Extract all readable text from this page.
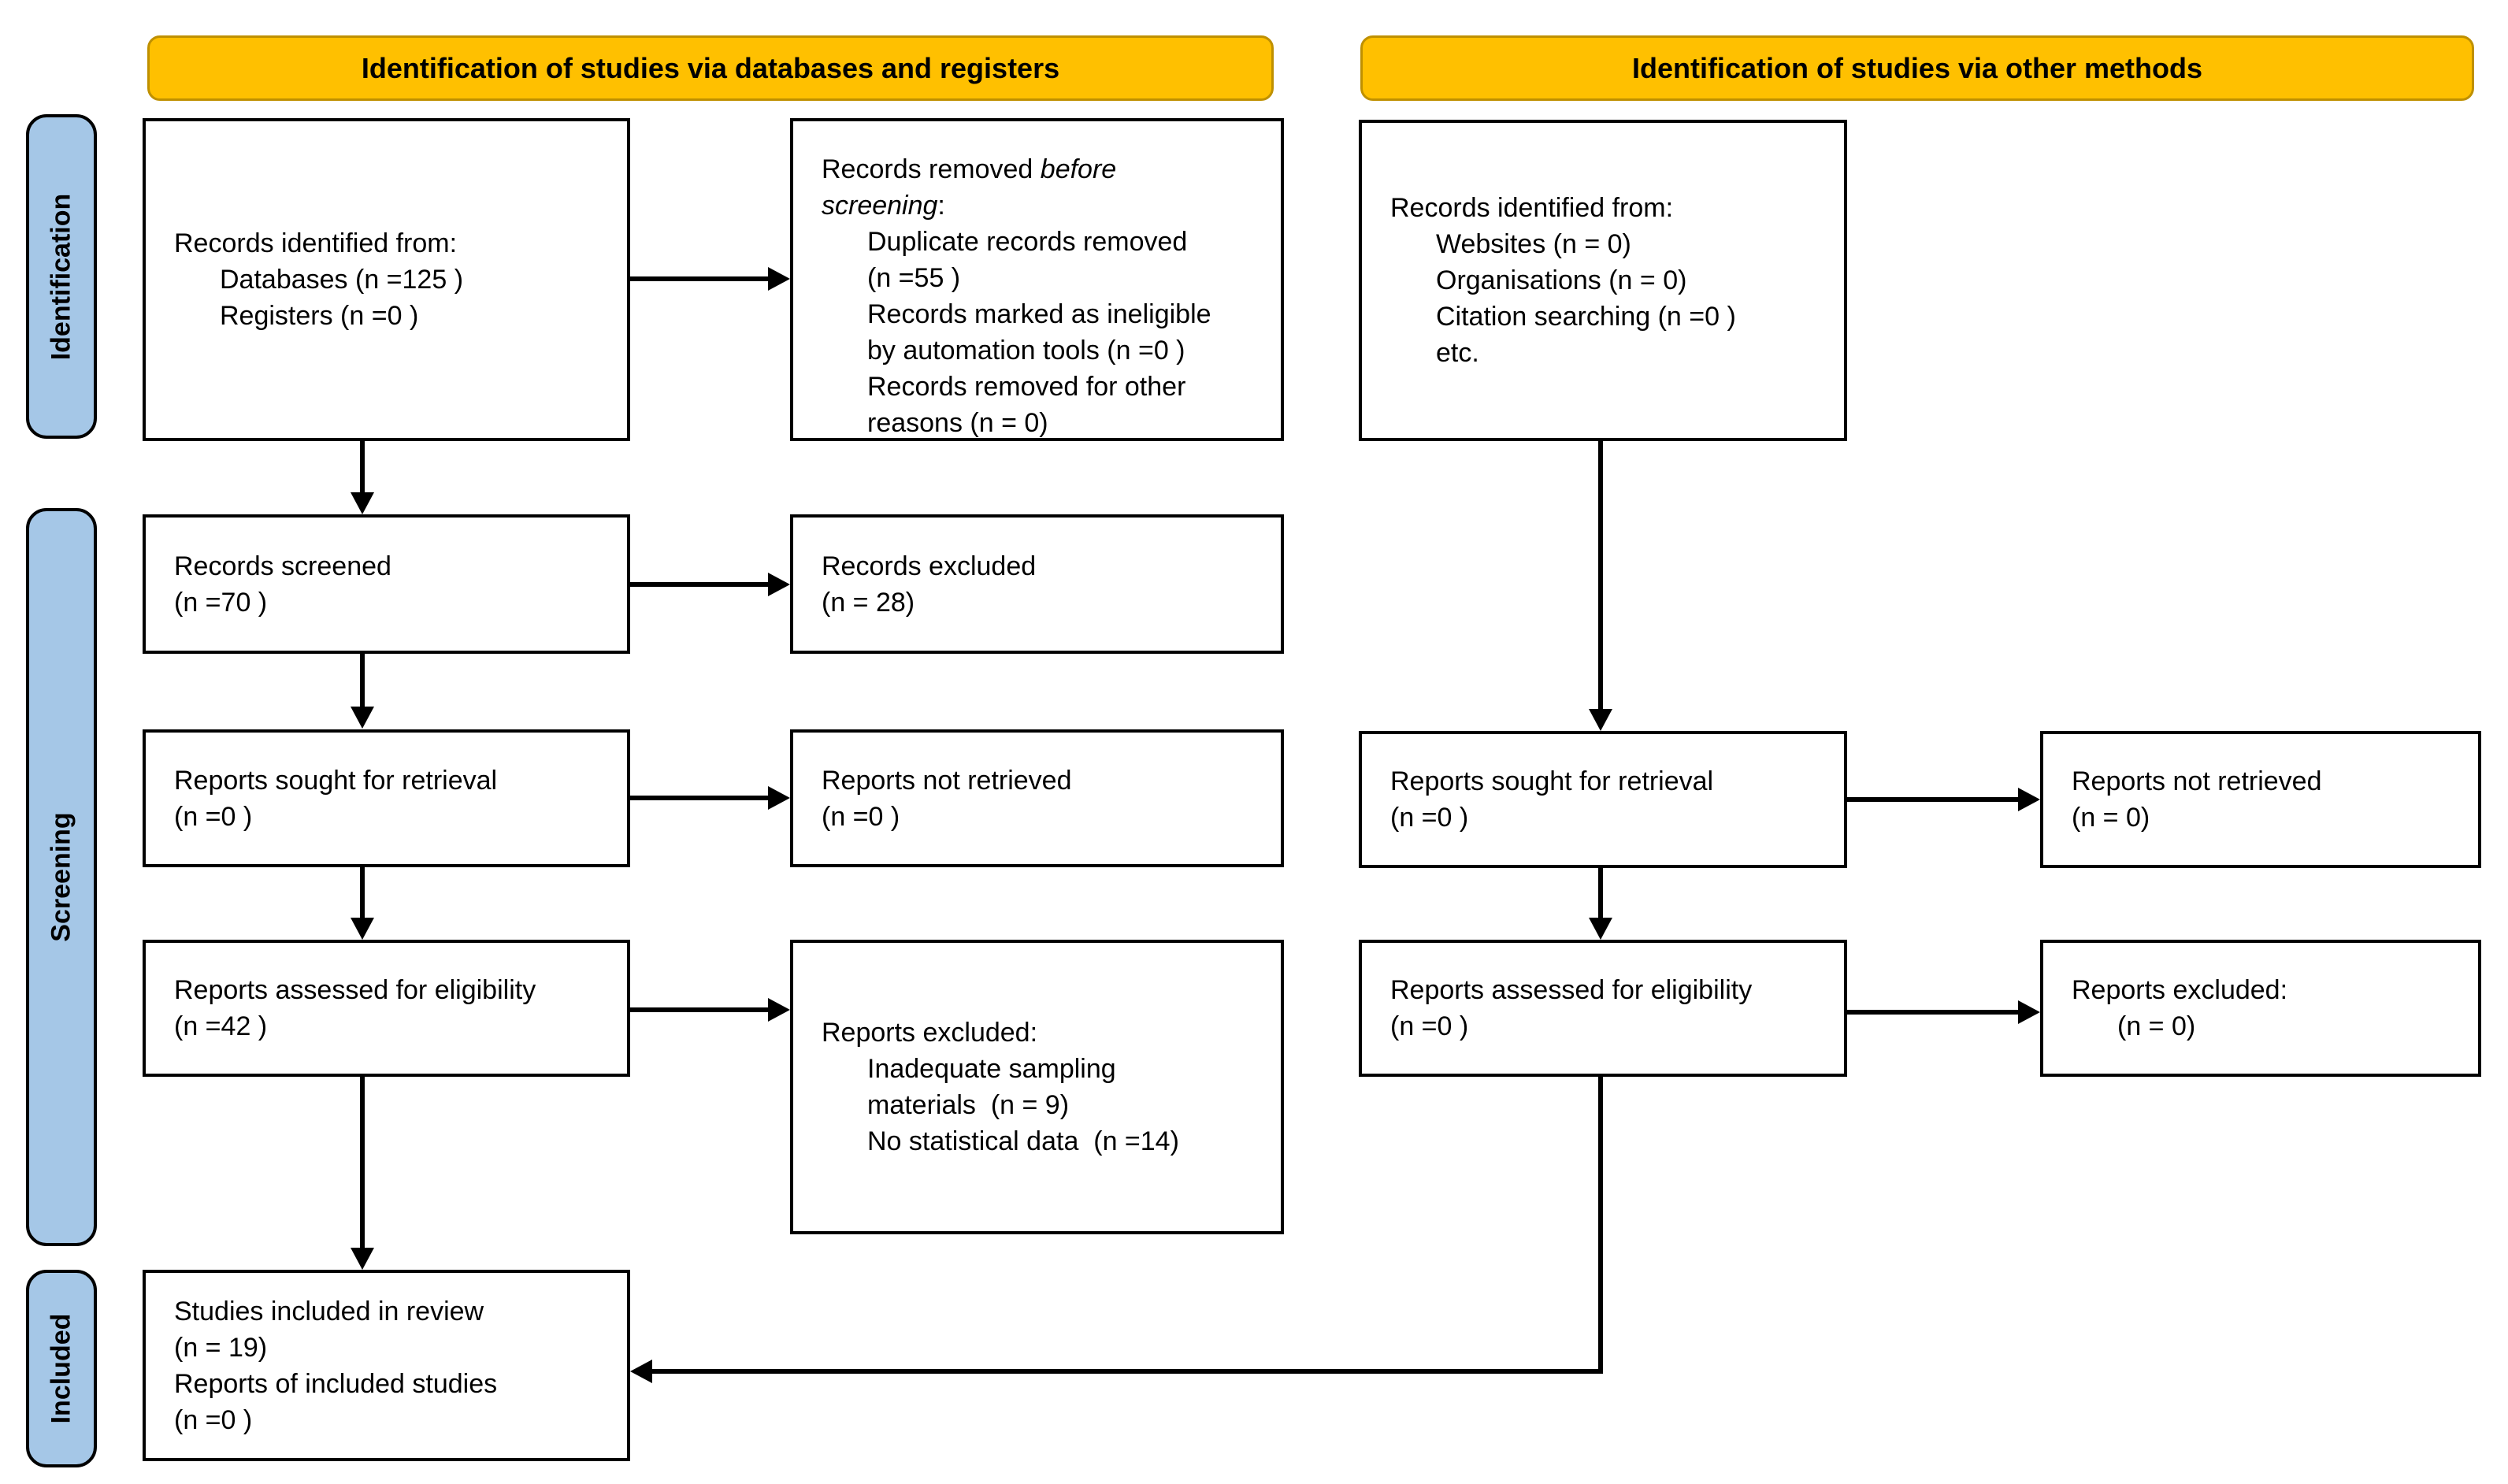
Identification of studies via databases and registers	Identification of studies via other methods
Identification
Screening
Included
Records identified from:
Databases (n =125 )
Registers (n =0 )
Records removed before
screening:
Duplicate records removed
(n =55 )
Records marked as ineligible
by automation tools (n =0 )
Records removed for other
reasons (n = 0)
Records identified from:
Websites (n = 0)
Organisations (n = 0)
Citation searching (n =0 )
etc.
Records screened
(n =70 )
Records excluded
(n = 28)
Reports sought for retrieval
(n =0 )
Reports not retrieved
(n =0 )
Reports sought for retrieval
(n =0 )
Reports not retrieved
(n = 0)
Reports assessed for eligibility
(n =42 )	Reports excluded:
Inadequate sampling
materials  (n = 9)
No statistical data  (n =14)
Reports assessed for eligibility
(n =0 )
Reports excluded:
(n = 0)
Studies included in review
(n = 19)
Reports of included studies
(n =0 )
